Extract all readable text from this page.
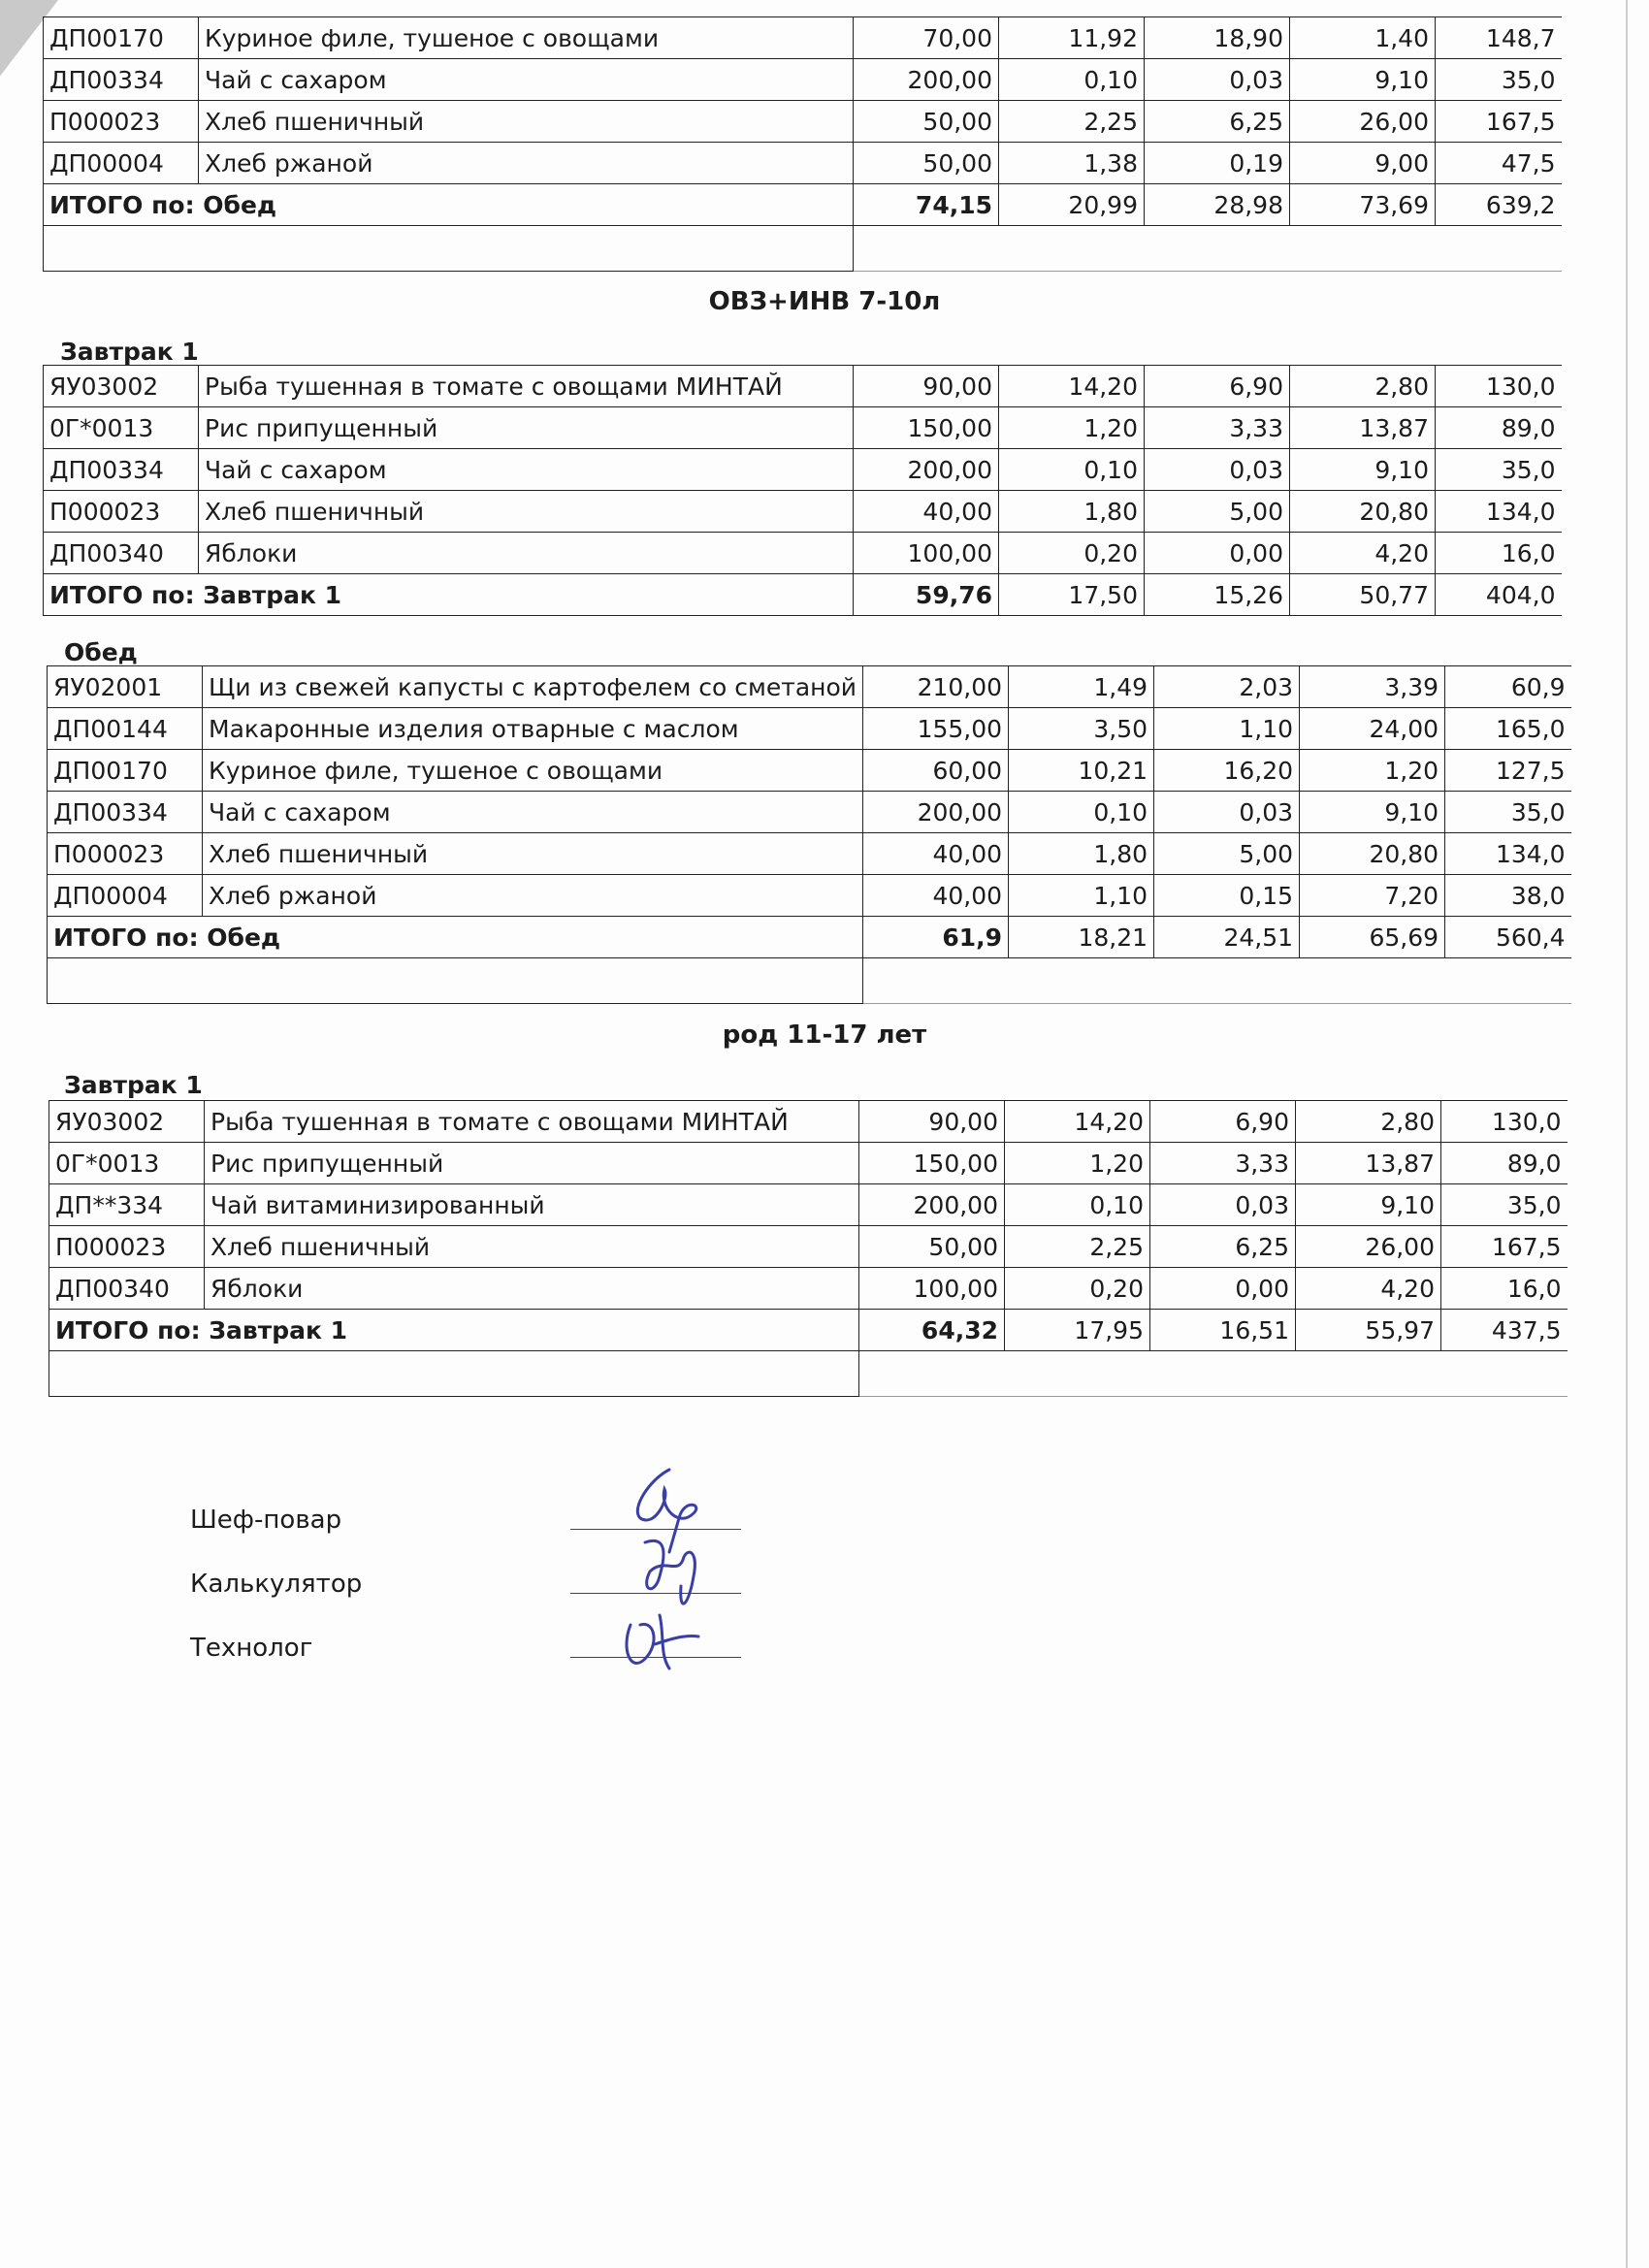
ДП00170	Куриное филе, тушеное с овощами	70,00	11,92	18,90	1,40	148,7
ДП00334	Чай с сахаром	200,00	0,10	0,03	9,10	35,0
П000023	Хлеб пшеничный	50,00	2,25	6,25	26,00	167,5
ДП00004	Хлеб ржаной	50,00	1,38	0,19	9,00	47,5
ИТОГО по: Обед		74,15	20,99	28,98	73,69	639,2

ОВЗ+ИНВ 7-10л
Завтрак 1
ЯУ03002	Рыба тушенная в томате с овощами МИНТАЙ	90,00	14,20	6,90	2,80	130,0
0Г*0013	Рис припущенный	150,00	1,20	3,33	13,87	89,0
ДП00334	Чай с сахаром	200,00	0,10	0,03	9,10	35,0
П000023	Хлеб пшеничный	40,00	1,80	5,00	20,80	134,0
ДП00340	Яблоки	100,00	0,20	0,00	4,20	16,0
ИТОГО по: Завтрак 1		59,76	17,50	15,26	50,77	404,0
Обед
ЯУ02001	Щи из свежей капусты с картофелем со сметаной	210,00	1,49	2,03	3,39	60,9
ДП00144	Макаронные изделия отварные с маслом	155,00	3,50	1,10	24,00	165,0
ДП00170	Куриное филе, тушеное с овощами	60,00	10,21	16,20	1,20	127,5
ДП00334	Чай с сахаром	200,00	0,10	0,03	9,10	35,0
П000023	Хлеб пшеничный	40,00	1,80	5,00	20,80	134,0
ДП00004	Хлеб ржаной	40,00	1,10	0,15	7,20	38,0
ИТОГО по: Обед		61,9	18,21	24,51	65,69	560,4

род 11-17 лет
Завтрак 1
ЯУ03002	Рыба тушенная в томате с овощами МИНТАЙ	90,00	14,20	6,90	2,80	130,0
0Г*0013	Рис припущенный	150,00	1,20	3,33	13,87	89,0
ДП**334	Чай витаминизированный	200,00	0,10	0,03	9,10	35,0
П000023	Хлеб пшеничный	50,00	2,25	6,25	26,00	167,5
ДП00340	Яблоки	100,00	0,20	0,00	4,20	16,0
ИТОГО по: Завтрак 1		64,32	17,95	16,51	55,97	437,5

Шеф-повар
Калькулятор
Технолог
